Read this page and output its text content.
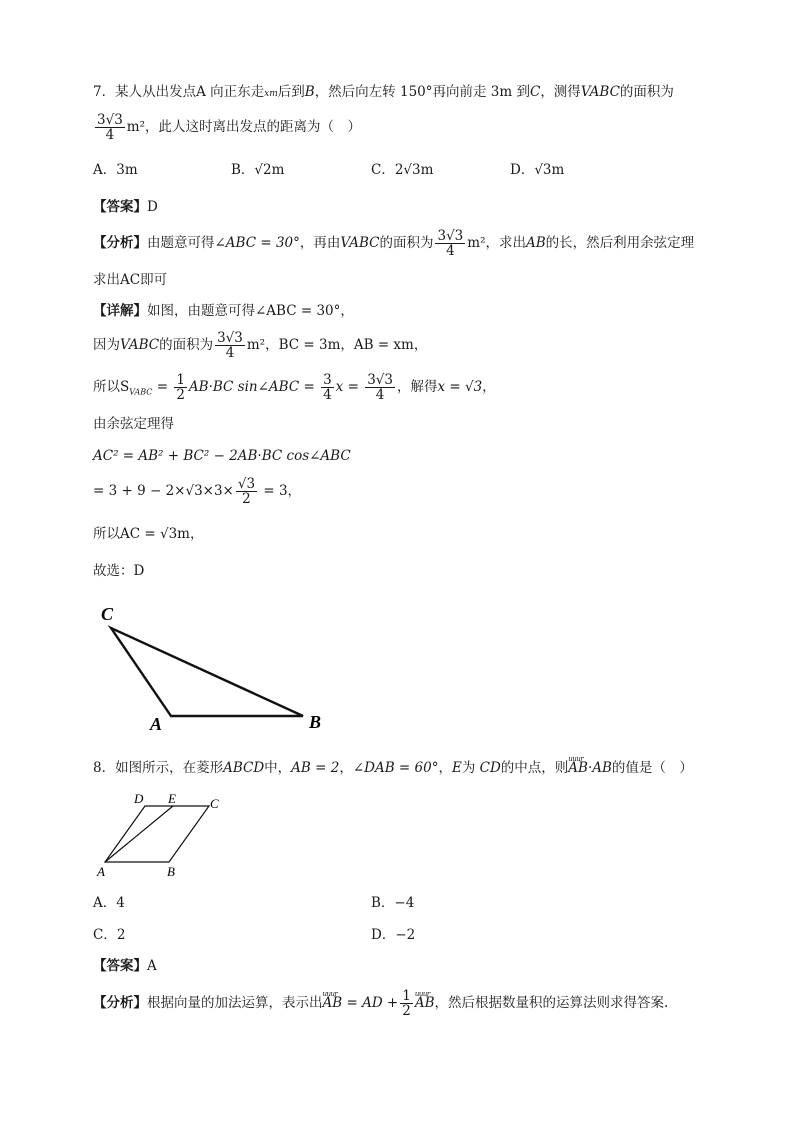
7．某人从出发点A 向正东走xm后到B，然后向左转 150°再向前走 3m 到C，测得VABC的面积为
$\frac{3√3}{4} m^2$，此人这时离出发点的距离为（　）
A．3m	B．√2m	C．2√3m	D．√3m
【答案】D
【分析】由题意可得∠ABC = 30°，再由VABC的面积为 $\frac{3√3}{4} m^2$，求出AB的长，然后利用余弦定理
求出AC即可
【详解】如图，由题意可得∠ABC = 30°，
因为VABC的面积为 $\frac{3√3}{4} m^2$，BC = 3m，AB = xm，
所以$S_{VABC} = \frac{1}{2} AB\cdot BC$ sin∠ABC = $\frac{3}{4}$ $x = \frac{3√3}{4}$ ，解得x = √3，
由余弦定理得
AC² = AB² + BC² − 2AB·BC cos∠ABC
= $3 + 9 - 2\times√3\times 3\times \frac{√3}{2} = 3$，
所以AC = √3m，
故选：D
C
A	B
8．如图所示，在菱形ABCD中，AB = 2，∠DAB = 60°，E为 CD的中点，则uuur AB·AB的值是（　）
D E	C
A	B
A．4	B．−4
C．2	D．−2
【答案】A
【分析】根据向量的加法运算，表示出uuur AB = AD + $\frac{1}{2}$
uuur AB，然后根据数量积的运算法则求得答案.
